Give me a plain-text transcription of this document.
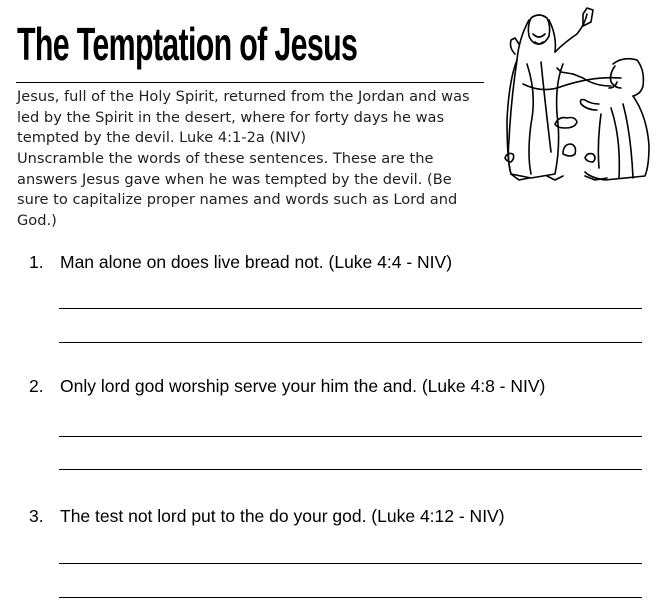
The Temptation of Jesus

Jesus, full of the Holy Spirit, returned from the Jordan and was led by the Spirit in the desert, where for forty days he was tempted by the devil. Luke 4:1-2a (NIV)

Unscramble the words of these sentences. These are the answers Jesus gave when he was tempted by the devil. (Be sure to capitalize proper names and words such as Lord and God.)

1. Man alone on does live bread not. (Luke 4:4 - NIV)
2. Only lord god worship serve your him the and. (Luke 4:8 - NIV)
3. The test not lord put to the do your god. (Luke 4:12 - NIV)
